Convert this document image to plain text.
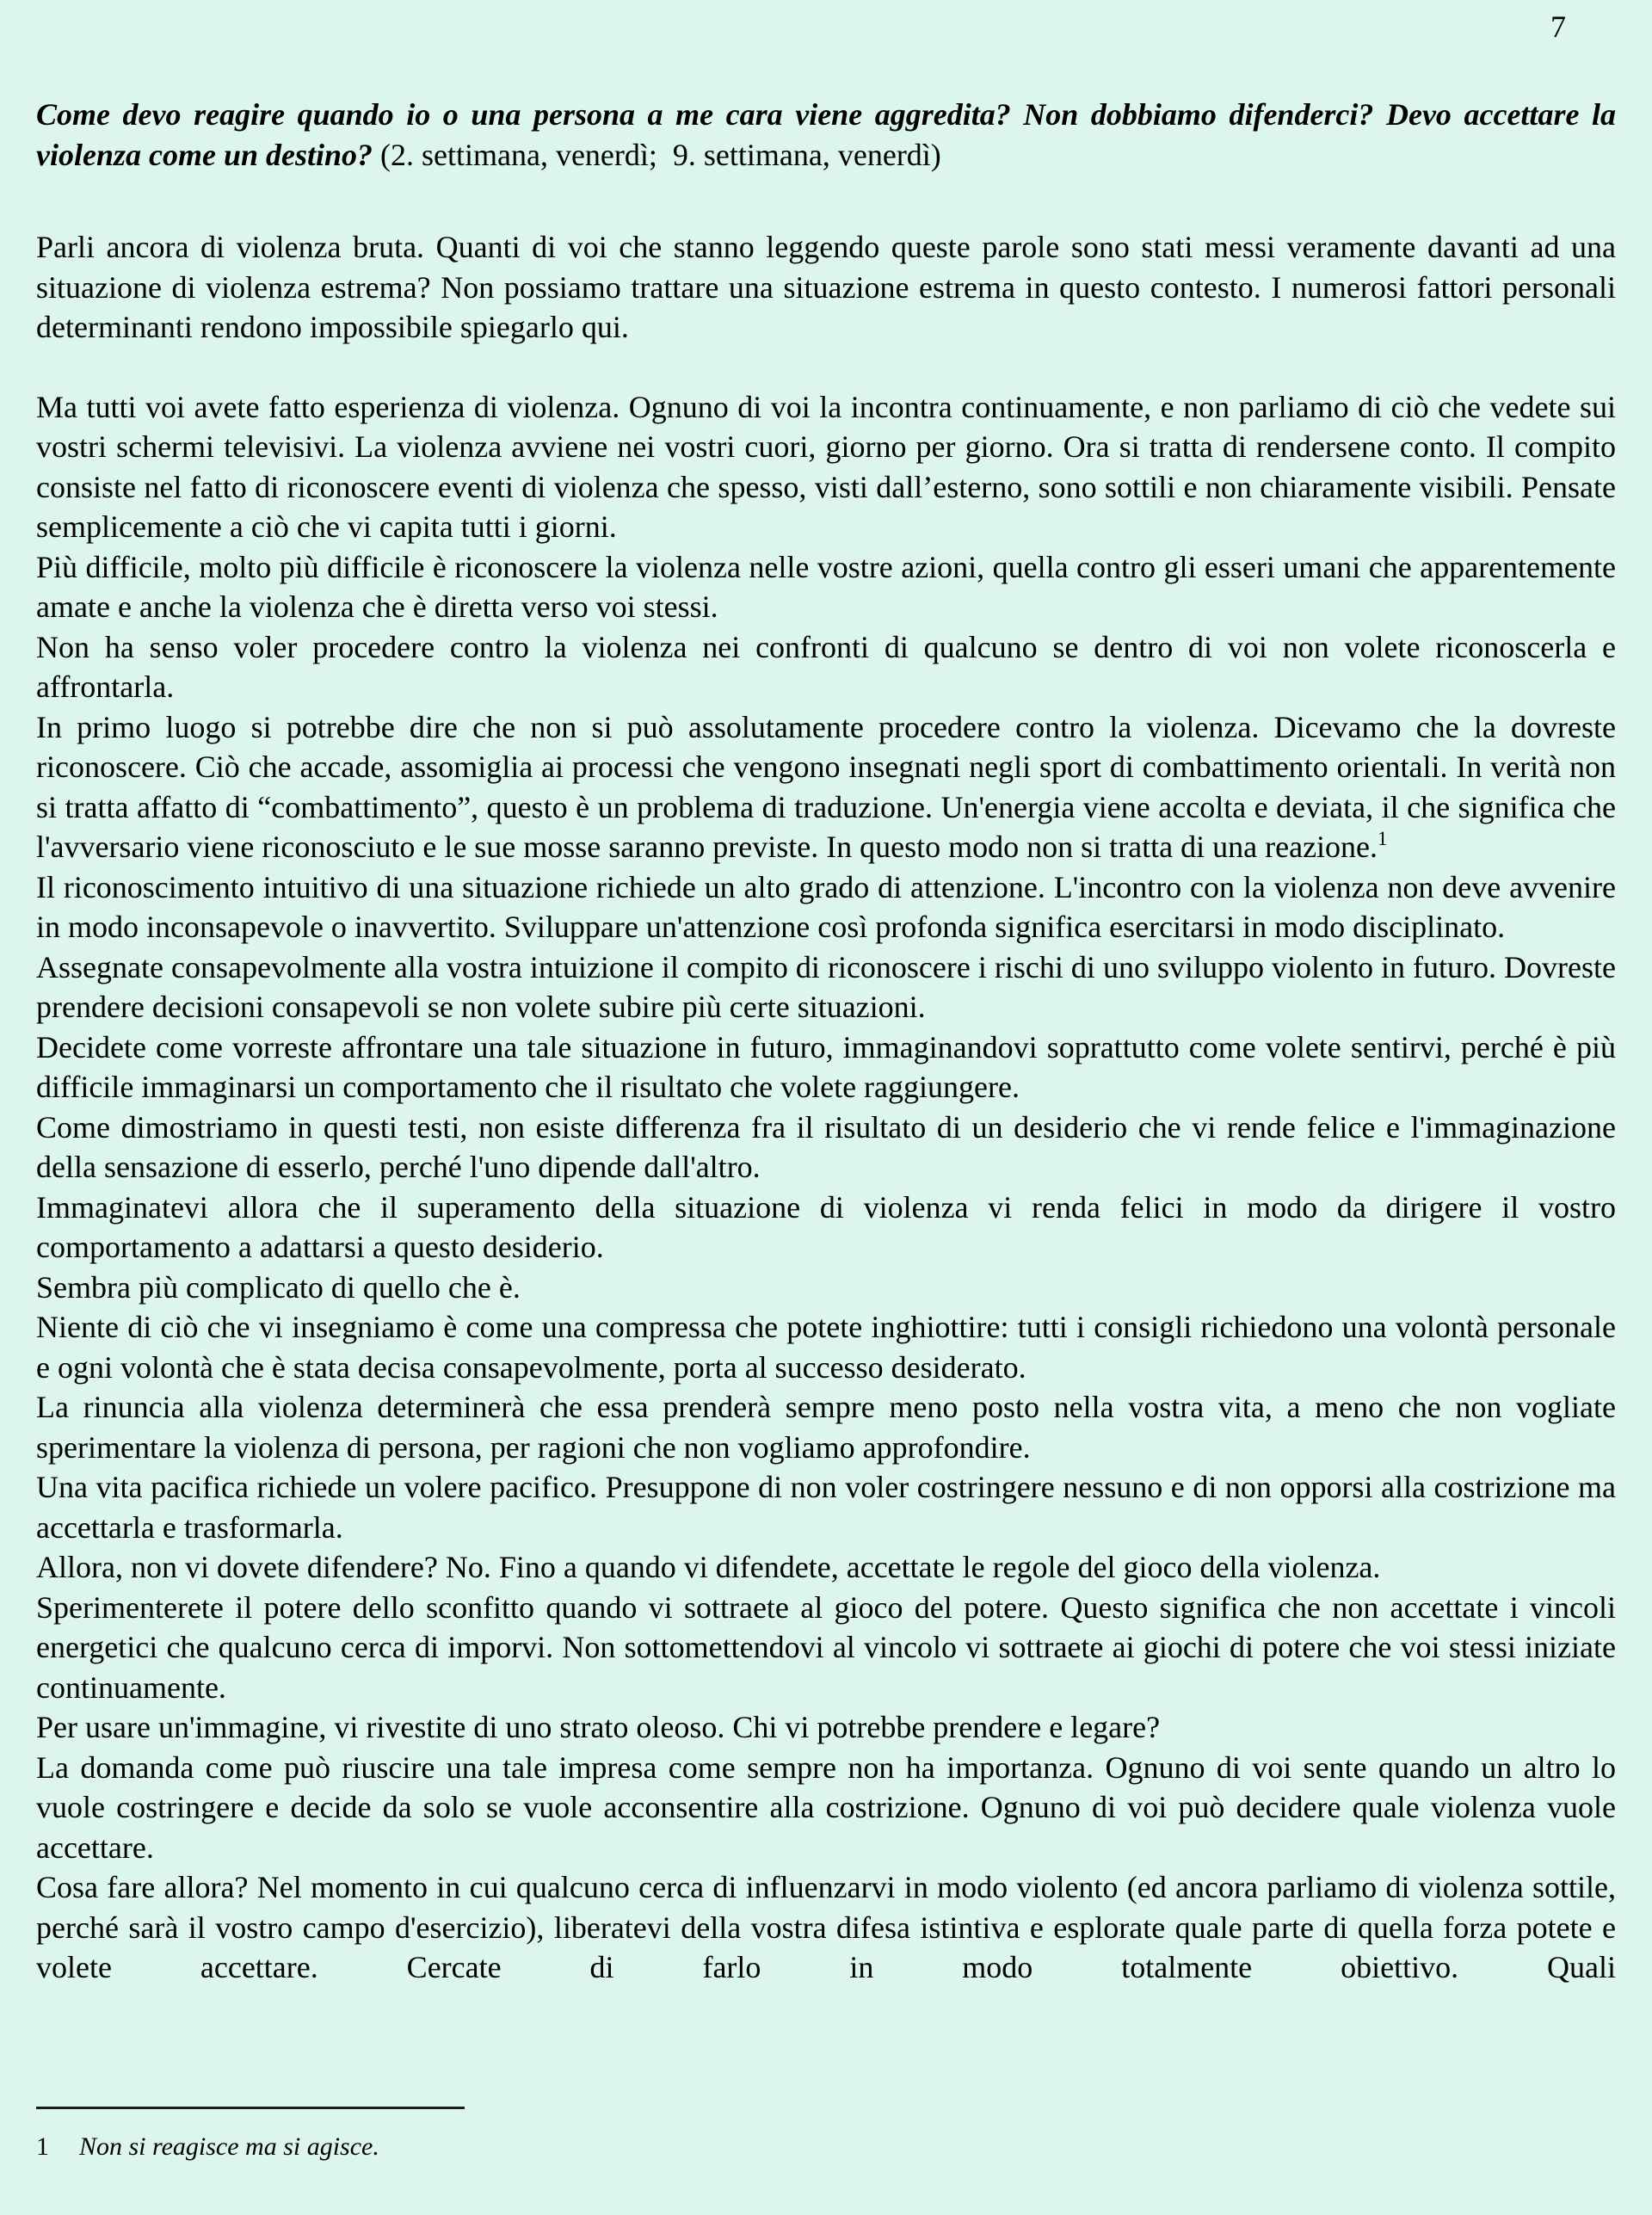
7

Come devo reagire quando io o una persona a me cara viene aggredita? Non dobbiamo difenderci? Devo accettare la violenza come un destino? (2. settimana, venerdì;  9. settimana, venerdì)

Parli ancora di violenza bruta. Quanti di voi che stanno leggendo queste parole sono stati messi veramente davanti ad una situazione di violenza estrema? Non possiamo trattare una situazione estrema in questo contesto. I numerosi fattori personali determinanti rendono impossibile spiegarlo qui.

Ma tutti voi avete fatto esperienza di violenza. Ognuno di voi la incontra continuamente, e non parliamo di ciò che vedete sui vostri schermi televisivi. La violenza avviene nei vostri cuori, giorno per giorno. Ora si tratta di rendersene conto. Il compito consiste nel fatto di riconoscere eventi di violenza che spesso, visti dall’esterno, sono sottili e non chiaramente visibili. Pensate semplicemente a ciò che vi capita tutti i giorni.

Più difficile, molto più difficile è riconoscere la violenza nelle vostre azioni, quella contro gli esseri umani che apparentemente amate e anche la violenza che è diretta verso voi stessi.

Non ha senso voler procedere contro la violenza nei confronti di qualcuno se dentro di voi non volete riconoscerla e affrontarla.

In primo luogo si potrebbe dire che non si può assolutamente procedere contro la violenza. Dicevamo che la dovreste riconoscere. Ciò che accade, assomiglia ai processi che vengono insegnati negli sport di combattimento orientali. In verità non si tratta affatto di “combattimento”, questo è un problema di traduzione. Un'energia viene accolta e deviata, il che significa che l'avversario viene riconosciuto e le sue mosse saranno previste. In questo modo non si tratta di una reazione.$^1$

Il riconoscimento intuitivo di una situazione richiede un alto grado di attenzione. L'incontro con la violenza non deve avvenire in modo inconsapevole o inavvertito. Sviluppare un'attenzione così profonda significa esercitarsi in modo disciplinato.

Assegnate consapevolmente alla vostra intuizione il compito di riconoscere i rischi di uno sviluppo violento in futuro. Dovreste prendere decisioni consapevoli se non volete subire più certe situazioni.

Decidete come vorreste affrontare una tale situazione in futuro, immaginandovi soprattutto come volete sentirvi, perché è più difficile immaginarsi un comportamento che il risultato che volete raggiungere.

Come dimostriamo in questi testi, non esiste differenza fra il risultato di un desiderio che vi rende felice e l'immaginazione della sensazione di esserlo, perché l'uno dipende dall'altro.

Immaginatevi allora che il superamento della situazione di violenza vi renda felici in modo da dirigere il vostro comportamento a adattarsi a questo desiderio.

Sembra più complicato di quello che è.

Niente di ciò che vi insegniamo è come una compressa che potete inghiottire: tutti i consigli richiedono una volontà personale e ogni volontà che è stata decisa consapevolmente, porta al successo desiderato.

La rinuncia alla violenza determinerà che essa prenderà sempre meno posto nella vostra vita, a meno che non vogliate sperimentare la violenza di persona, per ragioni che non vogliamo approfondire.

Una vita pacifica richiede un volere pacifico. Presuppone di non voler costringere nessuno e di non opporsi alla costrizione ma accettarla e trasformarla.

Allora, non vi dovete difendere? No. Fino a quando vi difendete, accettate le regole del gioco della violenza.

Sperimenterete il potere dello sconfitto quando vi sottraete al gioco del potere. Questo significa che non accettate i vincoli energetici che qualcuno cerca di imporvi. Non sottomettendovi al vincolo vi sottraete ai giochi di potere che voi stessi iniziate continuamente.

Per usare un'immagine, vi rivestite di uno strato oleoso. Chi vi potrebbe prendere e legare?

La domanda come può riuscire una tale impresa come sempre non ha importanza. Ognuno di voi sente quando un altro lo vuole costringere e decide da solo se vuole acconsentire alla costrizione. Ognuno di voi può decidere quale violenza vuole accettare.

Cosa fare allora? Nel momento in cui qualcuno cerca di influenzarvi in modo violento (ed ancora parliamo di violenza sottile, perché sarà il vostro campo d'esercizio), liberatevi della vostra difesa istintiva e esplorate quale parte di quella forza potete e volete accettare. Cercate di farlo in modo totalmente obiettivo. Quali

1 Non si reagisce ma si agisce.
